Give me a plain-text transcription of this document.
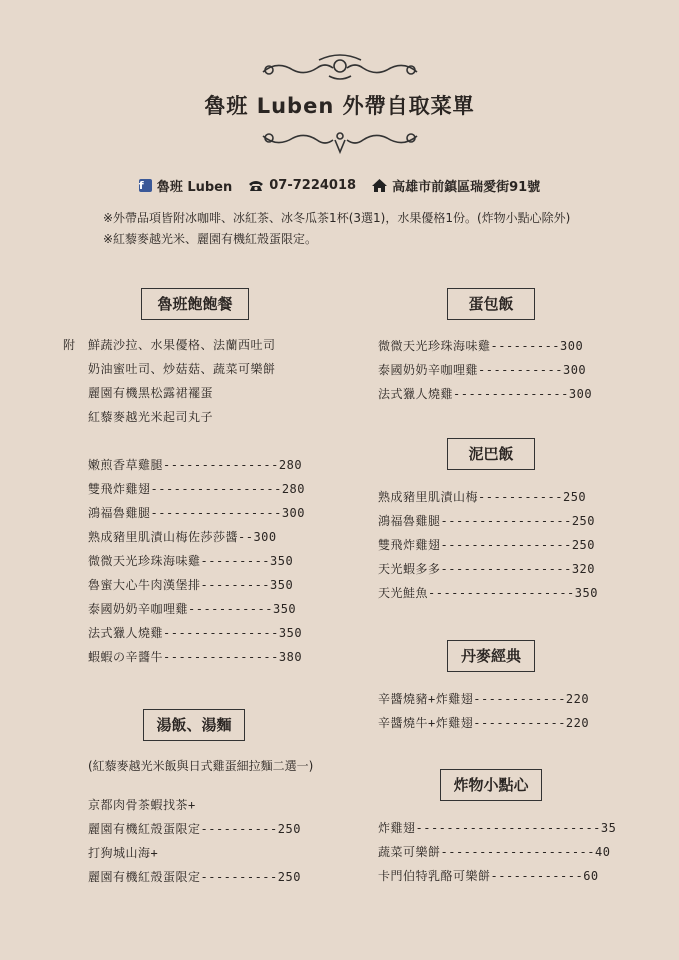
魯班 Luben 外帶自取菜單
f	魯班 Luben	07-7224018	高雄市前鎮區瑞愛街91號
※外帶品項皆附冰咖啡、冰紅茶、冰冬瓜茶1杯(3選1)，水果優格1份。(炸物小點心除外)
※紅藜麥越光米、麗園有機紅殼蛋限定。
魯班飽飽餐
附 鮮蔬沙拉、水果優格、法蘭西吐司
奶油蜜吐司、炒菇菇、蔬菜可樂餅
麗園有機黑松露裙襬蛋
紅藜麥越光米起司丸子
嫩煎香草雞腿---------------280
雙飛炸雞翅-----------------280
鴻福魯雞腿-----------------300
熟成豬里肌漬山梅佐莎莎醬--300
微微天光珍珠海味雞---------350
魯蜜大心牛肉漢堡排---------350
泰國奶奶辛咖哩雞-----------350
法式獵人燒雞---------------350
蝦蝦の辛醬牛---------------380
湯飯、湯麵
(紅藜麥越光米飯與日式雞蛋細拉麵二選一)
京都肉骨茶蝦找茶+
麗園有機紅殼蛋限定----------250
打狗城山海+
麗園有機紅殼蛋限定----------250
蛋包飯
微微天光珍珠海味雞---------300
泰國奶奶辛咖哩雞-----------300
法式獵人燒雞---------------300
泥巴飯
熟成豬里肌漬山梅-----------250
鴻福魯雞腿-----------------250
雙飛炸雞翅-----------------250
天光蝦多多-----------------320
天光鮭魚-------------------350
丹麥經典
辛醬燒豬+炸雞翅------------220
辛醬燒牛+炸雞翅------------220
炸物小點心
炸雞翅------------------------35
蔬菜可樂餅--------------------40
卡門伯特乳酪可樂餅------------60
